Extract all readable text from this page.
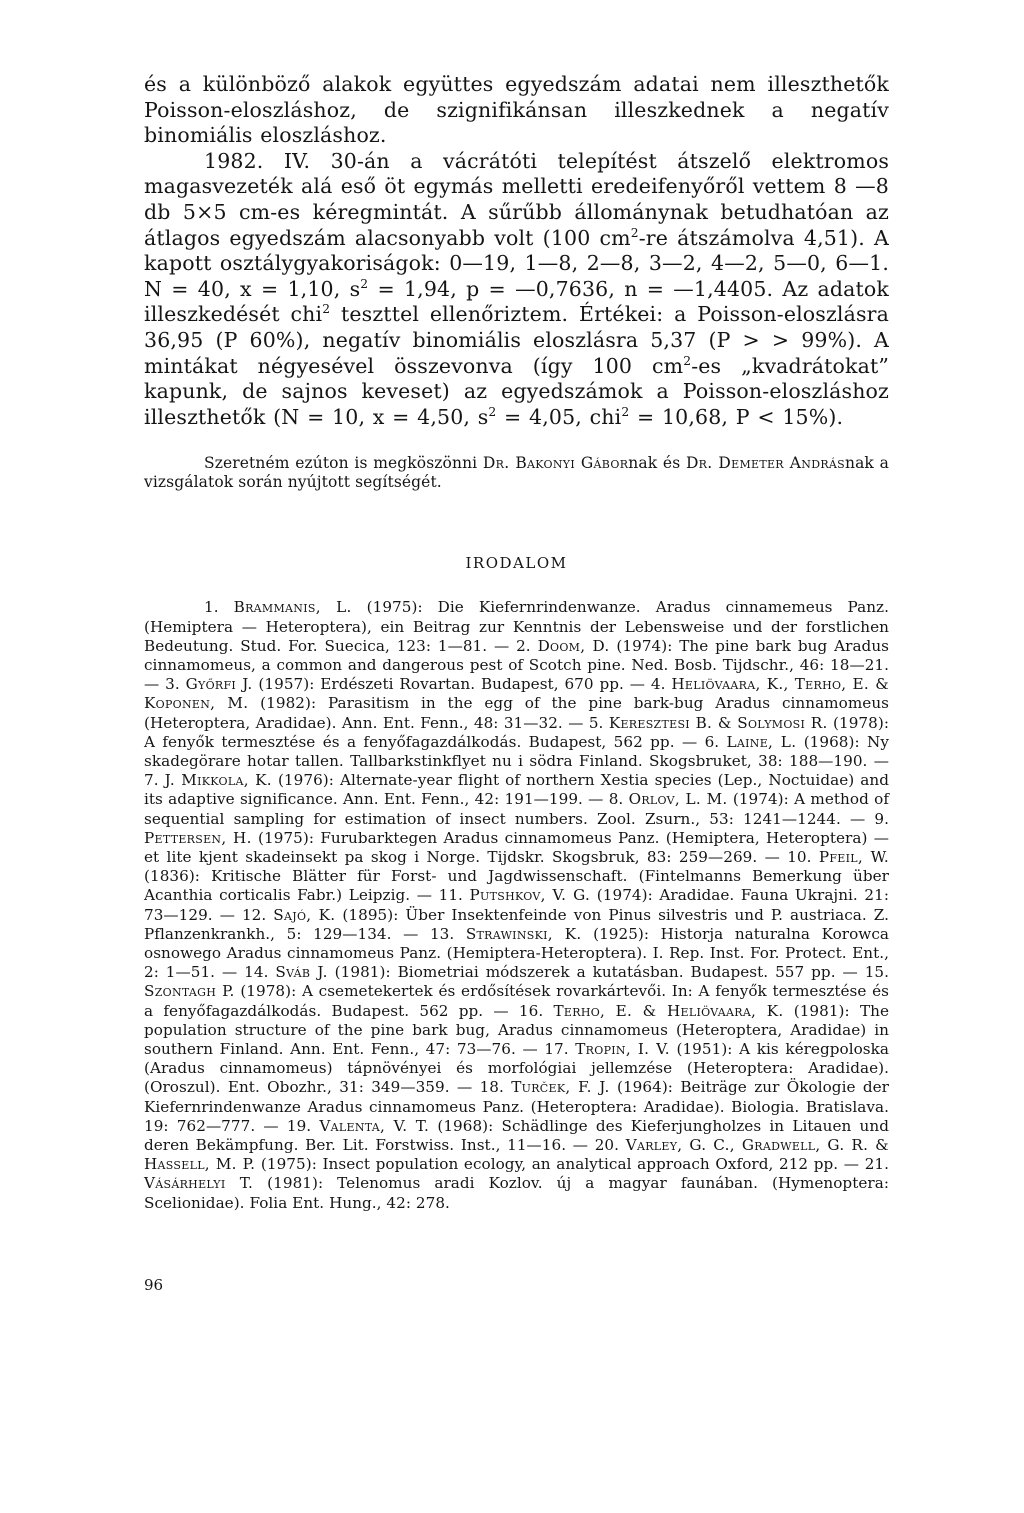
és a különböző alakok együttes egyedszám adatai nem illeszthetők Poisson-eloszláshoz, de szignifikánsan illeszkednek a negatív binomiális eloszláshoz.

1982. IV. 30-án a vácrátóti telepítést átszelő elektromos magasvezeték alá eső öt egymás melletti eredeifenyőről vettem 8 —8 db 5×5 cm-es kéregmintát. A sűrűbb állománynak betudhatóan az átlagos egyedszám alacsonyabb volt (100 $cm^2-re$ átszámolva 4,51). A kapott osztálygyakoriságok: 0—19, 1—8, 2—8, 3—2, 4—2, 5—0, 6—1. N = 40, x = 1,10, $s^2 = 1,94$, p = —0,7636, n = —1,4405. Az adatok illeszkedését chi$^2$ teszttel ellenőriztem. Értékei: a Poisson-eloszlásra 36,95 (P 60%), negatív binomiális eloszlásra 5,37 (P > > 99%). A mintákat négyesével összevonva (így 100 $cm^2-es$ „kvadrátokat” kapunk, de sajnos keveset) az egyedszámok a Poisson-eloszláshoz illeszthetők (N = 10, x = 4,50, $s^2 = 4,05$, chi$^2$ = 10,68, P < 15%).

Szeretném ezúton is megköszönni Dr. Bakonyi Gábornak és Dr. Demeter Andrásnak a vizsgálatok során nyújtott segítségét.

IRODALOM

1. Brammanis, L. (1975): Die Kiefernrindenwanze. Aradus cinnamemeus Panz. (Hemiptera — Heteroptera), ein Beitrag zur Kenntnis der Lebensweise und der forstlichen Bedeutung. Stud. For. Suecica, 123: 1—81. — 2. Doom, D. (1974): The pine bark bug Aradus cinnamomeus, a common and dangerous pest of Scotch pine. Ned. Bosb. Tijdschr., 46: 18—21. — 3. Győrfi J. (1957): Erdészeti Rovartan. Budapest, 670 pp. — 4. Heliövaara, K., Terho, E. & Koponen, M. (1982): Parasitism in the egg of the pine bark-bug Aradus cinnamomeus (Heteroptera, Aradidae). Ann. Ent. Fenn., 48: 31—32. — 5. Keresztesi B. & Solymosi R. (1978): A fenyők termesztése és a fenyőfagazdálkodás. Budapest, 562 pp. — 6. Laine, L. (1968): Ny skadegörare hotar tallen. Tallbarkstinkflyet nu i södra Finland. Skogsbruket, 38: 188—190. — 7. J. Mikkola, K. (1976): Alternate-year flight of northern Xestia species (Lep., Noctuidae) and its adaptive significance. Ann. Ent. Fenn., 42: 191—199. — 8. Orlov, L. M. (1974): A method of sequential sampling for estimation of insect numbers. Zool. Zsurn., 53: 1241—1244. — 9. Pettersen, H. (1975): Furubarktegen Aradus cinnamomeus Panz. (Hemiptera, Heteroptera) — et lite kjent skadeinsekt pa skog i Norge. Tijdskr. Skogsbruk, 83: 259—269. — 10. Pfeil, W. (1836): Kritische Blätter für Forst- und Jagdwissenschaft. (Fintelmanns Bemerkung über Acanthia corticalis Fabr.) Leipzig. — 11. Putshkov, V. G. (1974): Aradidae. Fauna Ukrajni. 21: 73—129. — 12. Sajó, K. (1895): Über Insektenfeinde von Pinus silvestris und P. austriaca. Z. Pflanzenkrankh., 5: 129—134. — 13. Strawinski, K. (1925): Historja naturalna Korowca osnowego Aradus cinnamomeus Panz. (Hemiptera-Heteroptera). I. Rep. Inst. For. Protect. Ent., 2: 1—51. — 14. Sváb J. (1981): Biometriai módszerek a kutatásban. Budapest. 557 pp. — 15. Szontagh P. (1978): A csemetekertek és erdősítések rovarkártevői. In: A fenyők termesztése és a fenyőfagazdálkodás. Budapest. 562 pp. — 16. Terho, E. & Heliövaara, K. (1981): The population structure of the pine bark bug, Aradus cinnamomeus (Heteroptera, Aradidae) in southern Finland. Ann. Ent. Fenn., 47: 73—76. — 17. Tropin, I. V. (1951): A kis kéregpoloska (Aradus cinnamomeus) tápnövényei és morfológiai jellemzése (Heteroptera: Aradidae). (Oroszul). Ent. Obozhr., 31: 349—359. — 18. Turček, F. J. (1964): Beiträge zur Ökologie der Kiefernrindenwanze Aradus cinnamomeus Panz. (Heteroptera: Aradidae). Biologia. Bratislava. 19: 762—777. — 19. Valenta, V. T. (1968): Schädlinge des Kieferjungholzes in Litauen und deren Bekämpfung. Ber. Lit. Forstwiss. Inst., 11—16. — 20. Varley, G. C., Gradwell, G. R. & Hassell, M. P. (1975): Insect population ecology, an analytical approach Oxford, 212 pp. — 21. Vásárhelyi T. (1981): Telenomus aradi Kozlov. új a magyar faunában. (Hymenoptera: Scelionidae). Folia Ent. Hung., 42: 278.

96
